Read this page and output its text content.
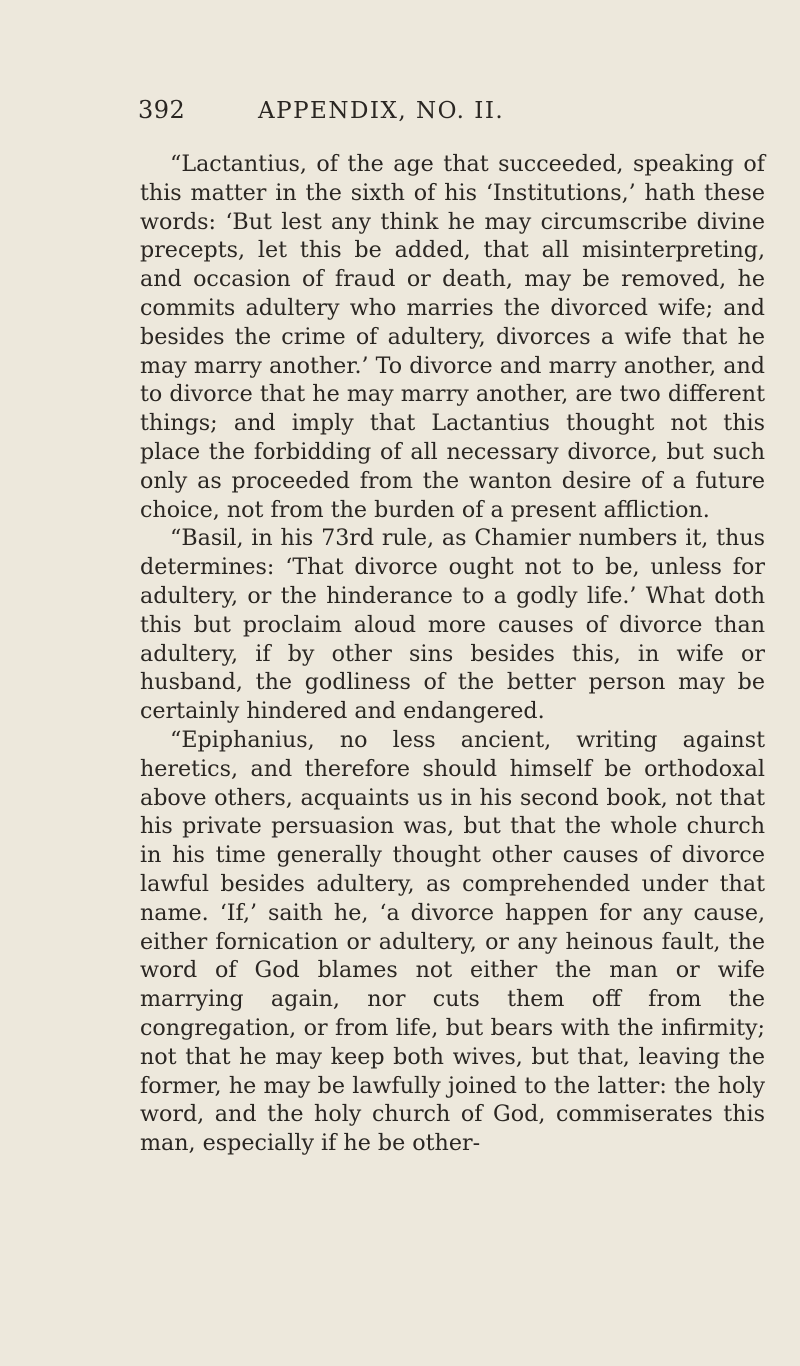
392	APPENDIX, NO. II.

“Lactantius, of the age that succeeded, speaking of this matter in the sixth of his ‘Institutions,’ hath these words: ‘But lest any think he may circumscribe divine precepts, let this be added, that all misinterpreting, and occasion of fraud or death, may be removed, he commits adultery who marries the divorced wife; and besides the crime of adultery, divorces a wife that he may marry another.’ To divorce and marry another, and to divorce that he may marry another, are two different things; and imply that Lactantius thought not this place the forbidding of all necessary divorce, but such only as proceeded from the wanton desire of a future choice, not from the burden of a present affliction.

“Basil, in his 73rd rule, as Chamier numbers it, thus determines: ‘That divorce ought not to be, unless for adultery, or the hinderance to a godly life.’ What doth this but proclaim aloud more causes of divorce than adultery, if by other sins besides this, in wife or husband, the godliness of the better person may be certainly hindered and endangered.

“Epiphanius, no less ancient, writing against heretics, and therefore should himself be orthodoxal above others, acquaints us in his second book, not that his private persuasion was, but that the whole church in his time generally thought other causes of divorce lawful besides adultery, as comprehended under that name. ‘If,’ saith he, ‘a divorce happen for any cause, either fornication or adultery, or any heinous fault, the word of God blames not either the man or wife marrying again, nor cuts them off from the congregation, or from life, but bears with the infirmity; not that he may keep both wives, but that, leaving the former, he may be lawfully joined to the latter: the holy word, and the holy church of God, commiserates this man, especially if he be other-
